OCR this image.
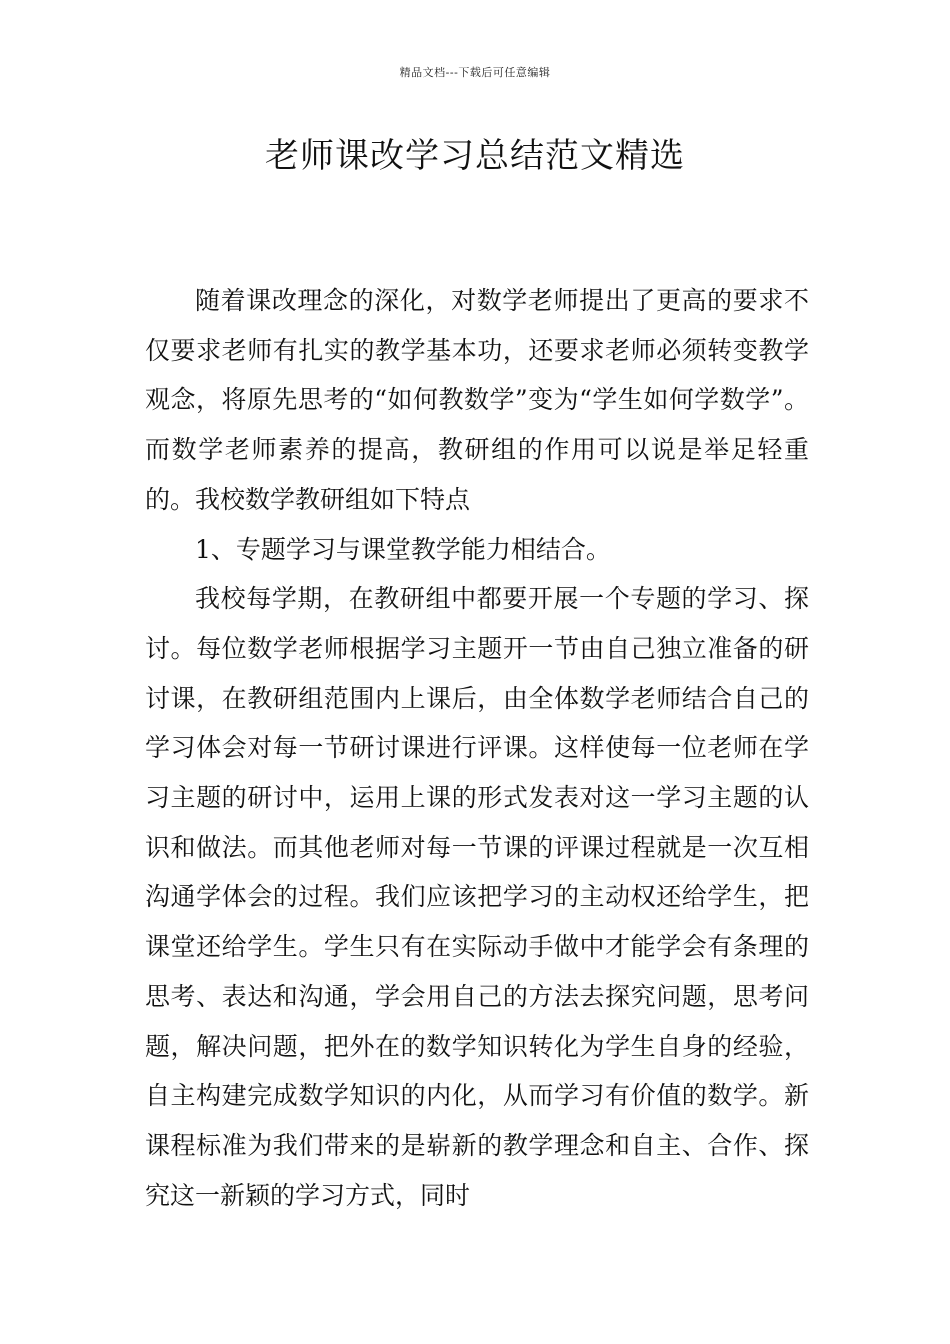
精品文档---下载后可任意编辑
老师课改学习总结范文精选

随着课改理念的深化，对数学老师提出了更高的要求不仅要求老师有扎实的教学基本功，还要求老师必须转变教学观念，将原先思考的“如何教数学”变为“学生如何学数学”。而数学老师素养的提高，教研组的作用可以说是举足轻重的。我校数学教研组如下特点

1、专题学习与课堂教学能力相结合。

我校每学期，在教研组中都要开展一个专题的学习、探讨。每位数学老师根据学习主题开一节由自己独立准备的研讨课，在教研组范围内上课后，由全体数学老师结合自己的学习体会对每一节研讨课进行评课。这样使每一位老师在学习主题的研讨中，运用上课的形式发表对这一学习主题的认识和做法。而其他老师对每一节课的评课过程就是一次互相沟通学体会的过程。我们应该把学习的主动权还给学生，把课堂还给学生。学生只有在实际动手做中才能学会有条理的思考、表达和沟通，学会用自己的方法去探究问题，思考问题，解决问题，把外在的数学知识转化为学生自身的经验，自主构建完成数学知识的内化，从而学习有价值的数学。新课程标准为我们带来的是崭新的教学理念和自主、合作、探究这一新颖的学习方式，同时
